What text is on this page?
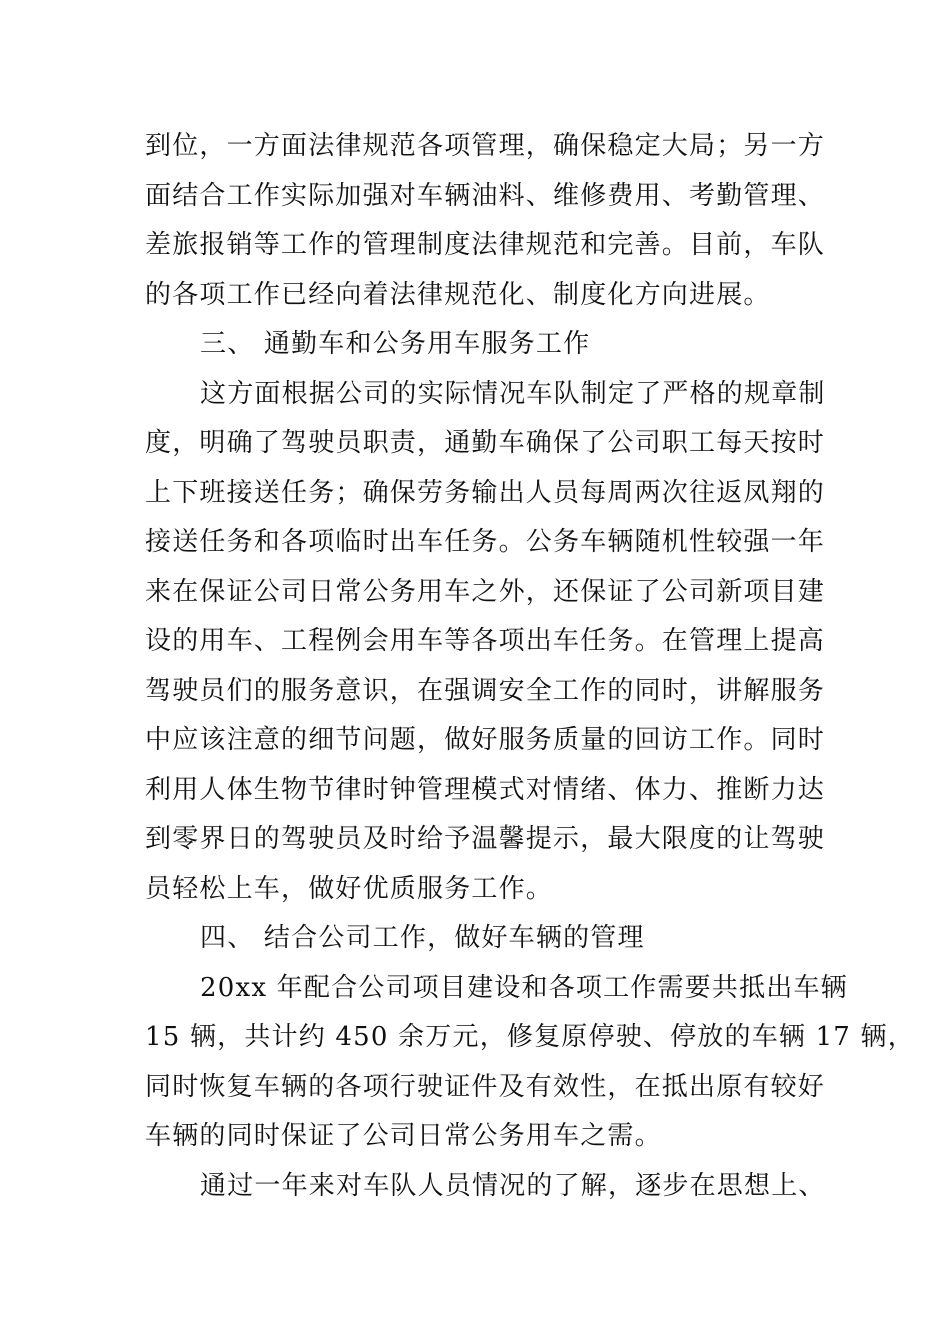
到位，一方面法律规范各项管理，确保稳定大局；另一方
面结合工作实际加强对车辆油料、维修费用、考勤管理、
差旅报销等工作的管理制度法律规范和完善。目前，车队
的各项工作已经向着法律规范化、制度化方向进展。
三、 通勤车和公务用车服务工作
这方面根据公司的实际情况车队制定了严格的规章制
度，明确了驾驶员职责，通勤车确保了公司职工每天按时
上下班接送任务；确保劳务输出人员每周两次往返凤翔的
接送任务和各项临时出车任务。公务车辆随机性较强一年
来在保证公司日常公务用车之外，还保证了公司新项目建
设的用车、工程例会用车等各项出车任务。在管理上提高
驾驶员们的服务意识，在强调安全工作的同时，讲解服务
中应该注意的细节问题，做好服务质量的回访工作。同时
利用人体生物节律时钟管理模式对情绪、体力、推断力达
到零界日的驾驶员及时给予温馨提示，最大限度的让驾驶
员轻松上车，做好优质服务工作。
四、 结合公司工作，做好车辆的管理
20xx 年配合公司项目建设和各项工作需要共抵出车辆
15 辆，共计约 450 余万元，修复原停驶、停放的车辆 17 辆，
同时恢复车辆的各项行驶证件及有效性，在抵出原有较好
车辆的同时保证了公司日常公务用车之需。
通过一年来对车队人员情况的了解，逐步在思想上、
